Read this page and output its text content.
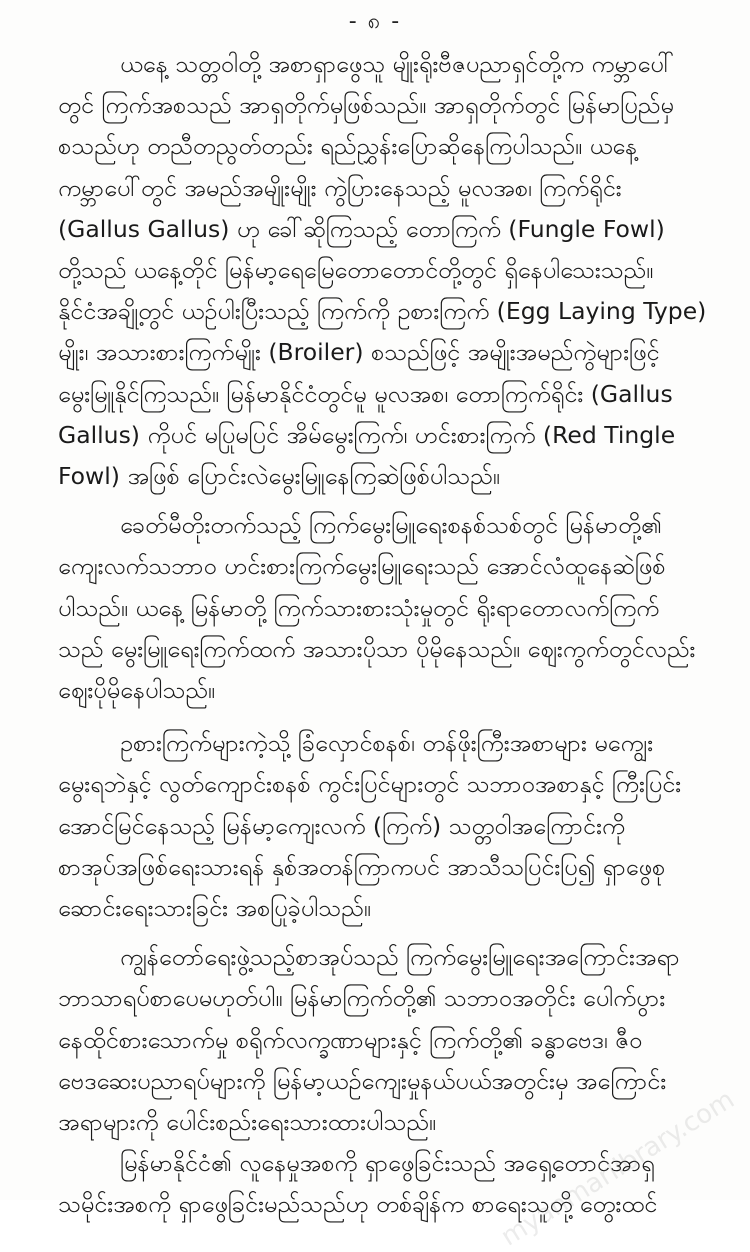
- ၈ -
ယနေ့ သတ္တဝါတို့ အစာရှာဖွေသူ မျိုးရိုးဗီဇပညာရှင်တို့က ကမ္ဘာပေါ်
တွင် ကြက်အစသည် အာရှတိုက်မှဖြစ်သည်။ အာရှတိုက်တွင် မြန်မာပြည်မှ
စသည်ဟု တညီတညွတ်တည်း ရည်ညွှန်းပြောဆိုနေကြပါသည်။ ယနေ့
ကမ္ဘာပေါ်တွင် အမည်အမျိုးမျိုး ကွဲပြားနေသည့် မူလအစ၊ ကြက်ရိုင်း
(Gallus Gallus) ဟု ခေါ်ဆိုကြသည့် တောကြက် (Fungle Fowl)
တို့သည် ယနေ့တိုင် မြန်မာ့ရေမြေတောတောင်တို့တွင် ရှိနေပါသေးသည်။
နိုင်ငံအချို့တွင် ယဉ်ပါးပြီးသည့် ကြက်ကို ဥစားကြက် (Egg Laying Type)
မျိုး၊ အသားစားကြက်မျိုး (Broiler) စသည်ဖြင့် အမျိုးအမည်ကွဲများဖြင့်
မွေးမြူနိုင်ကြသည်။ မြန်မာနိုင်ငံတွင်မူ မူလအစ၊ တောကြက်ရိုင်း (Gallus
Gallus) ကိုပင် မပြုမပြင် အိမ်မွေးကြက်၊ ဟင်းစားကြက် (Red Tingle
Fowl) အဖြစ် ပြောင်းလဲမွေးမြူနေကြဆဲဖြစ်ပါသည်။
ခေတ်မီတိုးတက်သည့် ကြက်မွေးမြူရေးစနစ်သစ်တွင် မြန်မာတို့၏
ကျေးလက်သဘာဝ ဟင်းစားကြက်မွေးမြူရေးသည် အောင်လံထူနေဆဲဖြစ်
ပါသည်။ ယနေ့ မြန်မာတို့ ကြက်သားစားသုံးမှုတွင် ရိုးရာတောလက်ကြက်
သည် မွေးမြူရေးကြက်ထက် အသားပိုသာ ပိုမိုနေသည်။ ဈေးကွက်တွင်လည်း
ဈေးပိုမိုနေပါသည်။
ဥစားကြက်များကဲ့သို့ ခြံလှောင်စနစ်၊ တန်ဖိုးကြီးအစာများ မကျွေး
မွေးရဘဲနှင့် လွတ်ကျောင်းစနစ် ကွင်းပြင်များတွင် သဘာဝအစာနှင့် ကြီးပြင်း
အောင်မြင်နေသည့် မြန်မာ့ကျေးလက် (ကြက်) သတ္တဝါအကြောင်းကို
စာအုပ်အဖြစ်ရေးသားရန် နှစ်အတန်ကြာကပင် အာသီသပြင်းပြ၍ ရှာဖွေစု
ဆောင်းရေးသားခြင်း အစပြုခဲ့ပါသည်။
ကျွန်တော်ရေးဖွဲ့သည့်စာအုပ်သည် ကြက်မွေးမြူရေးအကြောင်းအရာ
ဘာသာရပ်စာပေမဟုတ်ပါ။ မြန်မာကြက်တို့၏ သဘာဝအတိုင်း ပေါက်ပွား
နေထိုင်စားသောက်မှု စရိုက်လက္ခဏာများနှင့် ကြက်တို့၏ ခန္ဓာဗေဒ၊ ဇီဝ
ဗေဒဆေးပညာရပ်များကို မြန်မာ့ယဉ်ကျေးမှုနယ်ပယ်အတွင်းမှ အကြောင်း
အရာများကို ပေါင်းစည်းရေးသားထားပါသည်။
မြန်မာနိုင်ငံ၏ လူနေမှုအစကို ရှာဖွေခြင်းသည် အရှေ့တောင်အာရှ
သမိုင်းအစကို ရှာဖွေခြင်းမည်သည်ဟု တစ်ချိန်က စာရေးသူတို့ တွေးထင်
myanmarlibrary.com
